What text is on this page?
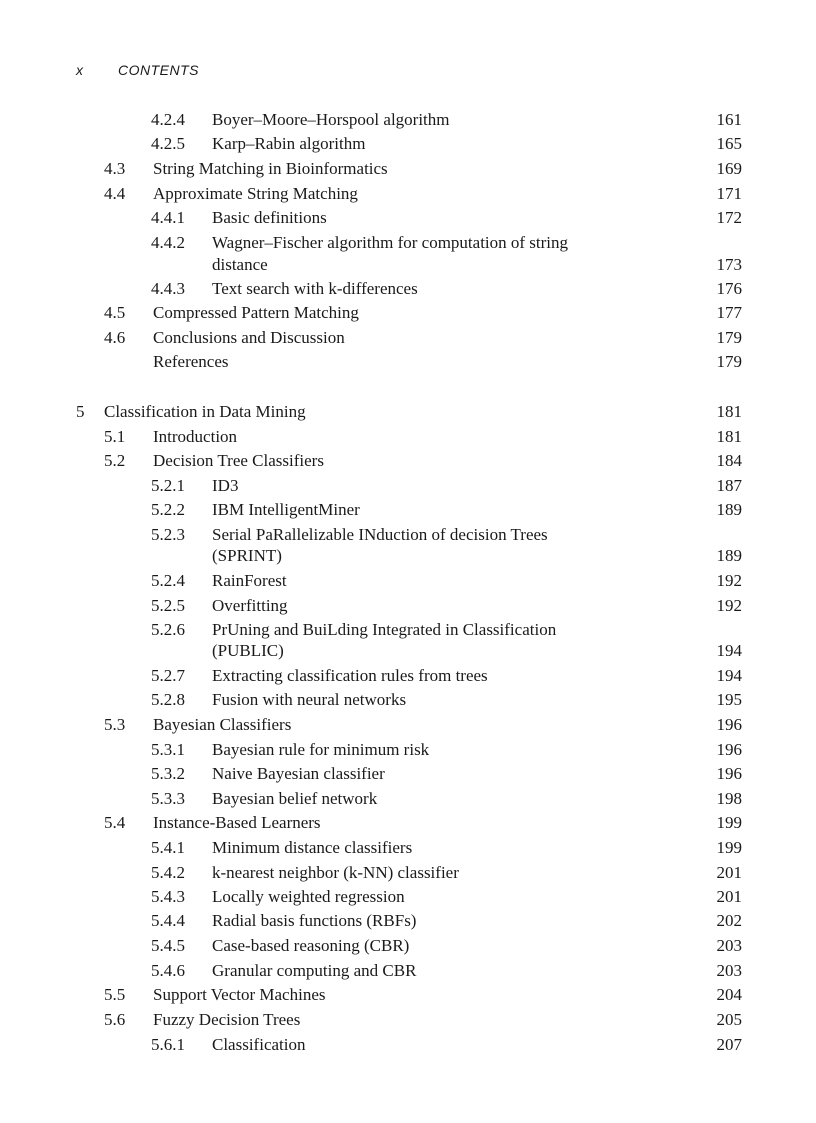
x CONTENTS
4.2.4 Boyer–Moore–Horspool algorithm	161
4.2.5 Karp–Rabin algorithm	165
4.3 String Matching in Bioinformatics	169
4.4 Approximate String Matching	171
4.4.1 Basic definitions	172
4.4.2 Wagner–Fischer algorithm for computation of string
distance	173
4.4.3 Text search with k-differences	176
4.5 Compressed Pattern Matching	177
4.6 Conclusions and Discussion	179
References	179
5 Classification in Data Mining	181
5.1 Introduction	181
5.2 Decision Tree Classifiers	184
5.2.1 ID3	187
5.2.2 IBM IntelligentMiner	189
5.2.3 Serial PaRallelizable INduction of decision Trees
(SPRINT)	189
5.2.4 RainForest	192
5.2.5 Overfitting	192
5.2.6 PrUning and BuiLding Integrated in Classification
(PUBLIC)	194
5.2.7 Extracting classification rules from trees	194
5.2.8 Fusion with neural networks	195
5.3 Bayesian Classifiers	196
5.3.1 Bayesian rule for minimum risk	196
5.3.2 Naive Bayesian classifier	196
5.3.3 Bayesian belief network	198
5.4 Instance-Based Learners	199
5.4.1 Minimum distance classifiers	199
5.4.2 k-nearest neighbor (k-NN) classifier	201
5.4.3 Locally weighted regression	201
5.4.4 Radial basis functions (RBFs)	202
5.4.5 Case-based reasoning (CBR)	203
5.4.6 Granular computing and CBR	203
5.5 Support Vector Machines	204
5.6 Fuzzy Decision Trees	205
5.6.1 Classification	207
